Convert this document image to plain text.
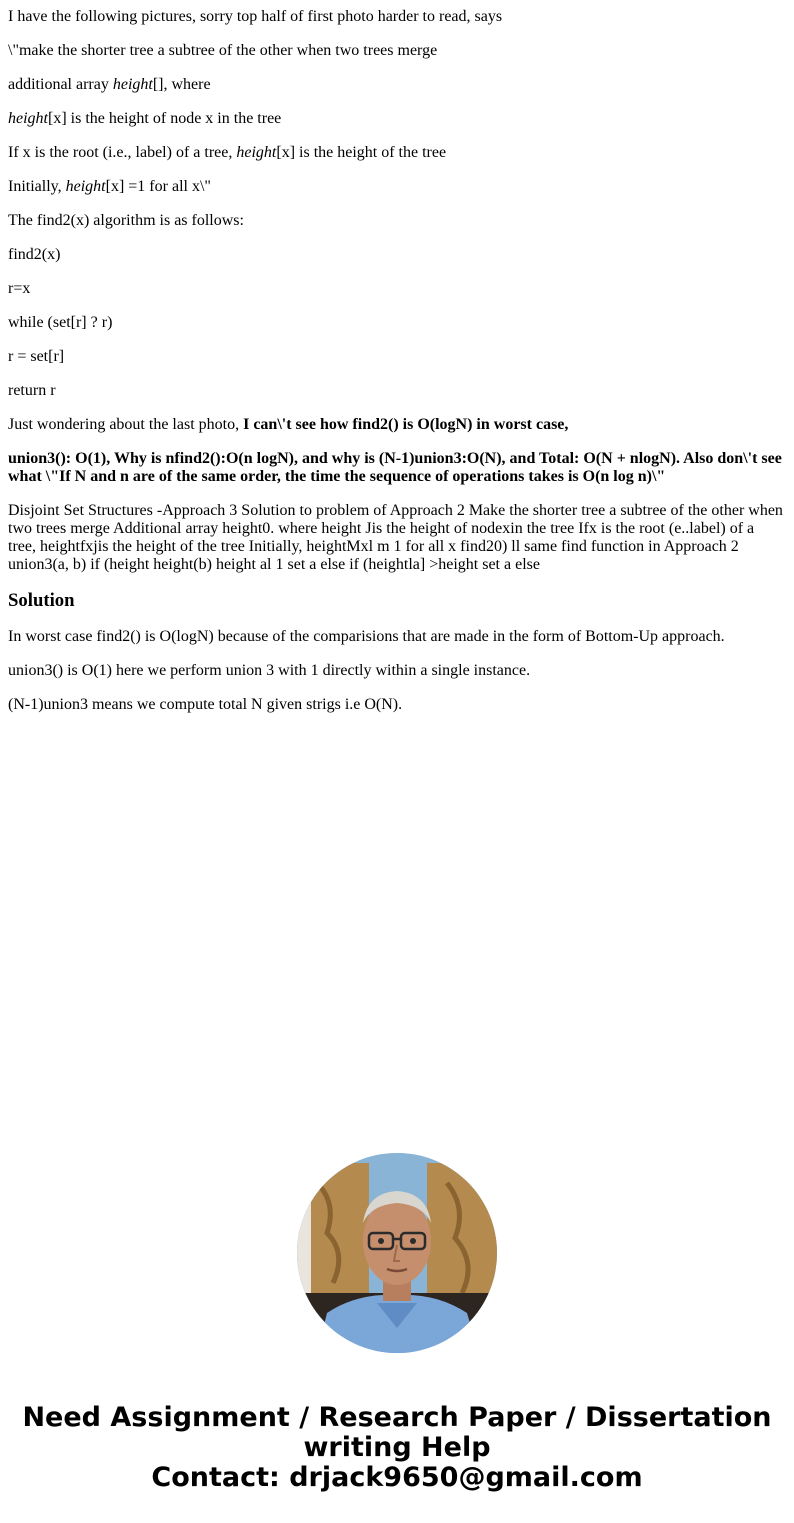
I have the following pictures, sorry top half of first photo harder to read, says

\"make the shorter tree a subtree of the other when two trees merge

additional array height[], where

height[x] is the height of node x in the tree

If x is the root (i.e., label) of a tree, height[x] is the height of the tree

Initially, height[x] =1 for all x\"

The find2(x) algorithm is as follows:

find2(x)

r=x

while (set[r] ? r)

r = set[r]

return r

Just wondering about the last photo, I can\'t see how find2() is O(logN) in worst case,

union3(): O(1), Why is nfind2():O(n logN), and why is (N-1)union3:O(N), and Total: O(N + nlogN). Also don\'t see what \"If N and n are of the same order, the time the sequence of operations takes is O(n log n)\"

Disjoint Set Structures -Approach 3 Solution to problem of Approach 2 Make the shorter tree a subtree of the other when two trees merge Additional array height0. where height Jis the height of nodexin the tree Ifx is the root (e..label) of a tree, heightfxjis the height of the tree Initially, heightMxl m 1 for all x find20) ll same find function in Approach 2 union3(a, b) if (height height(b) height al 1 set a else if (heightla] >height set a else

Solution

In worst case find2() is O(logN) because of the comparisions that are made in the form of Bottom-Up approach.

union3() is O(1) here we perform union 3 with 1 directly within a single instance.

(N-1)union3 means we compute total N given strigs i.e O(N).

Need Assignment / Research Paper / Dissertation
writing Help
Contact: drjack9650@gmail.com
